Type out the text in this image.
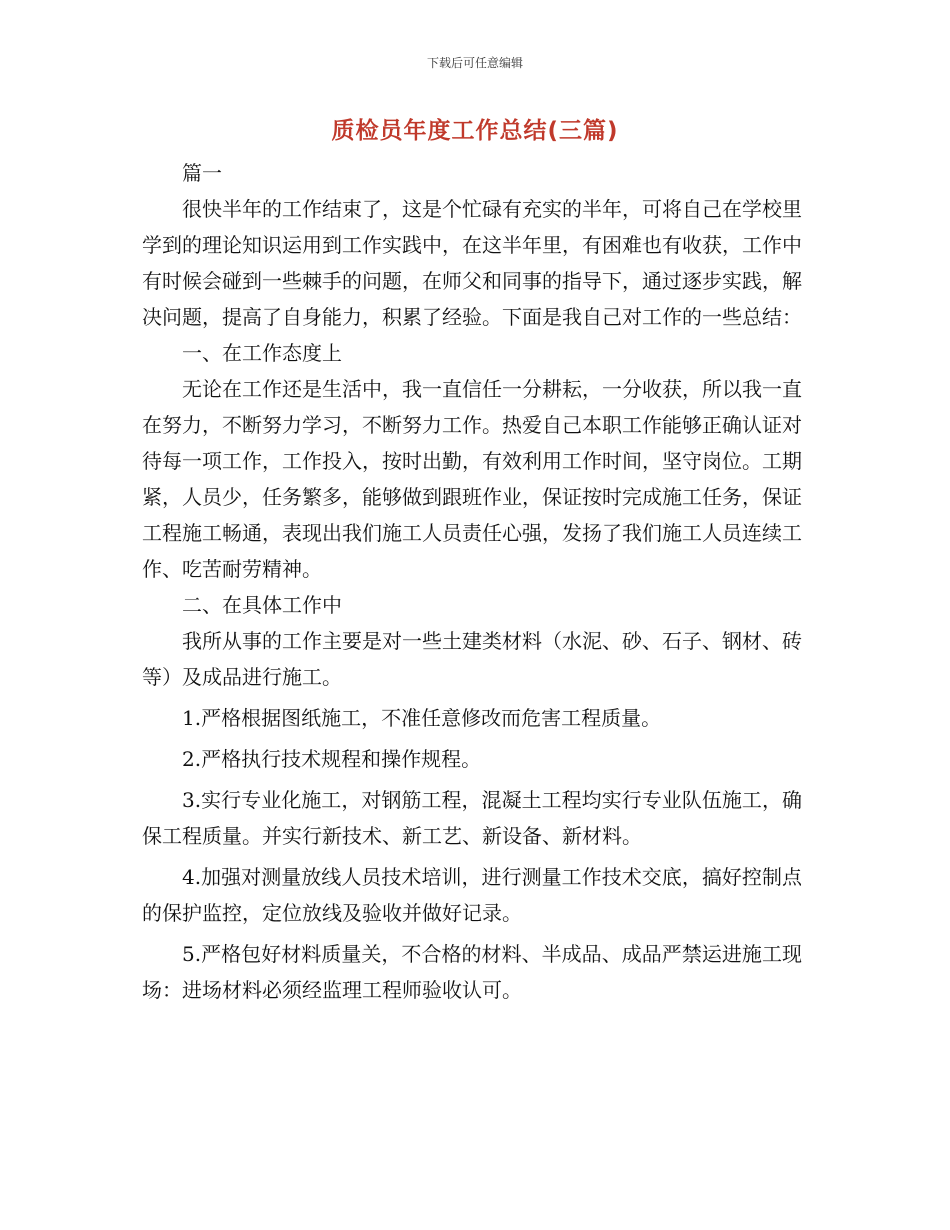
下载后可任意编辑
质检员年度工作总结(三篇)

篇一

很快半年的工作结束了，这是个忙碌有充实的半年，可将自己在学校里学到的理论知识运用到工作实践中，在这半年里，有困难也有收获，工作中有时候会碰到一些棘手的问题，在师父和同事的指导下，通过逐步实践，解决问题，提高了自身能力，积累了经验。下面是我自己对工作的一些总结：

一、在工作态度上

无论在工作还是生活中，我一直信任一分耕耘，一分收获，所以我一直在努力，不断努力学习，不断努力工作。热爱自己本职工作能够正确认证对待每一项工作，工作投入，按时出勤，有效利用工作时间，坚守岗位。工期紧，人员少，任务繁多，能够做到跟班作业，保证按时完成施工任务，保证工程施工畅通，表现出我们施工人员责任心强，发扬了我们施工人员连续工作、吃苦耐劳精神。

二、在具体工作中

我所从事的工作主要是对一些土建类材料（水泥、砂、石子、钢材、砖等）及成品进行施工。

1.严格根据图纸施工，不准任意修改而危害工程质量。

2.严格执行技术规程和操作规程。

3.实行专业化施工，对钢筋工程，混凝土工程均实行专业队伍施工，确保工程质量。并实行新技术、新工艺、新设备、新材料。

4.加强对测量放线人员技术培训，进行测量工作技术交底，搞好控制点的保护监控，定位放线及验收并做好记录。

5.严格包好材料质量关，不合格的材料、半成品、成品严禁运进施工现场：进场材料必须经监理工程师验收认可。
